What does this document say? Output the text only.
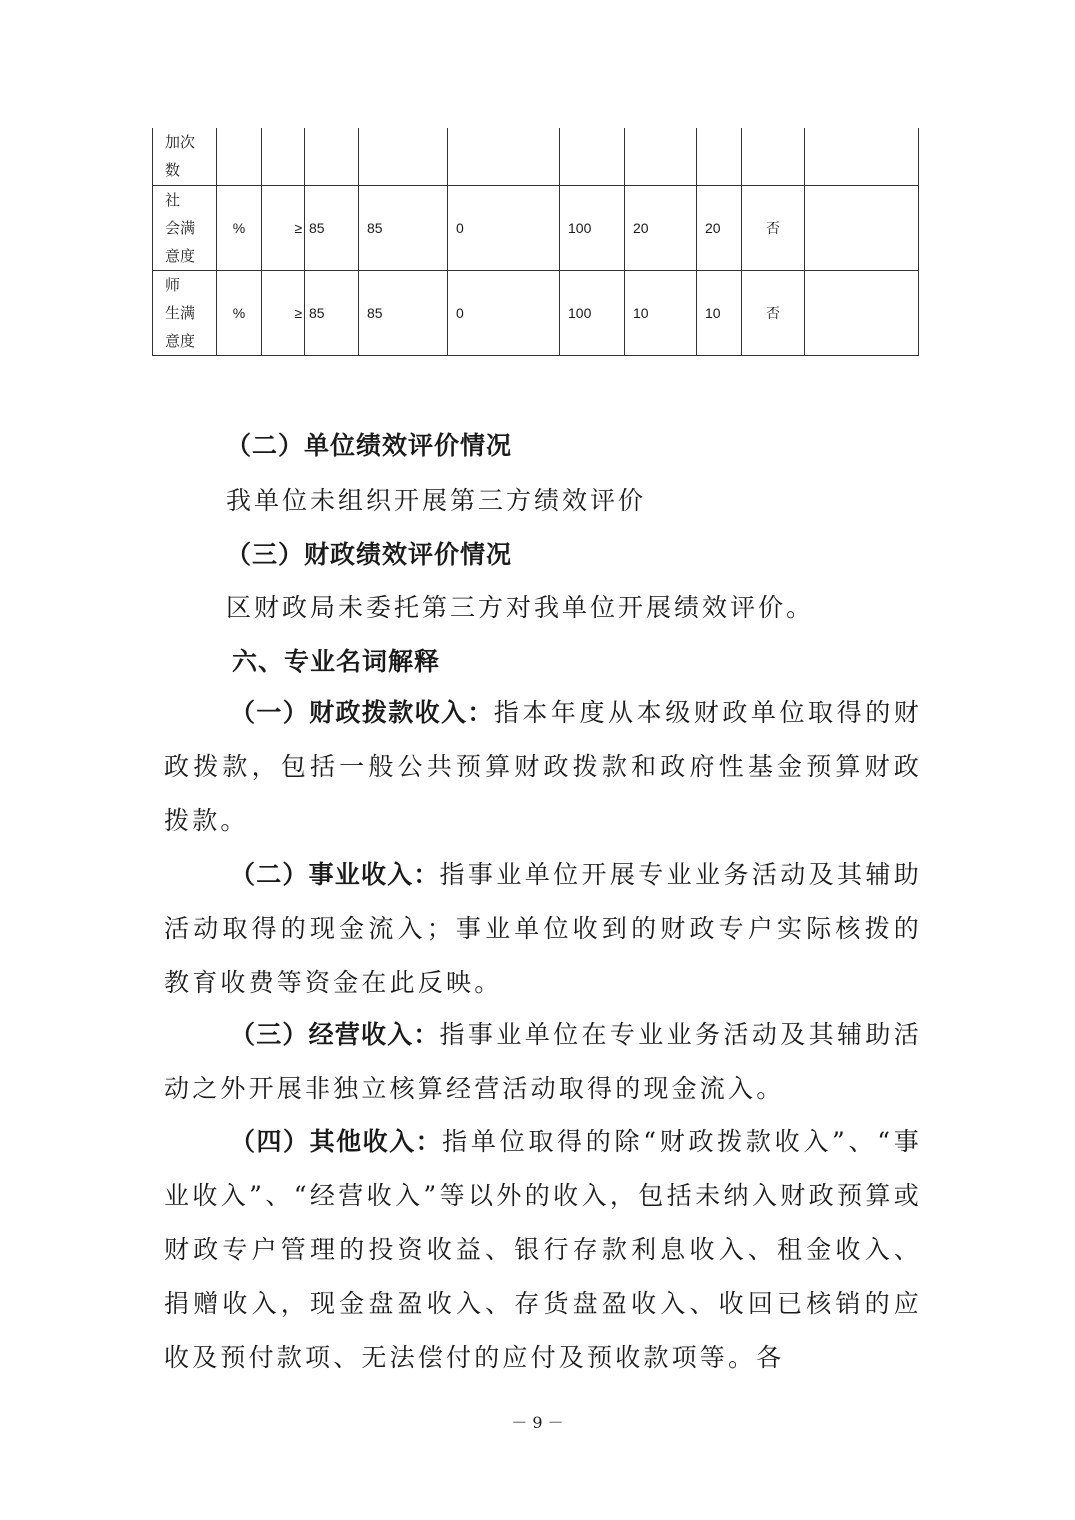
加次
数										
社
会满
意度	%	≥	85	85	0	100	20	20	否	
师
生满
意度	%	≥	85	85	0	100	10	10	否	
（二）单位绩效评价情况
我单位未组织开展第三方绩效评价
（三）财政绩效评价情况
区财政局未委托第三方对我单位开展绩效评价。
六、专业名词解释
（一）财政拨款收入：指本年度从本级财政单位取得的财政拨款，包括一般公共预算财政拨款和政府性基金预算财政拨款。
（二）事业收入：指事业单位开展专业业务活动及其辅助活动取得的现金流入；事业单位收到的财政专户实际核拨的教育收费等资金在此反映。
（三）经营收入：指事业单位在专业业务活动及其辅助活动之外开展非独立核算经营活动取得的现金流入。
（四）其他收入：指单位取得的除“财政拨款收入”、“事业收入”、“经营收入”等以外的收入，包括未纳入财政预算或财政专户管理的投资收益、银行存款利息收入、租金收入、捐赠收入，现金盘盈收入、存货盘盈收入、收回已核销的应收及预付款项、无法偿付的应付及预收款项等。各
－ 9 －
